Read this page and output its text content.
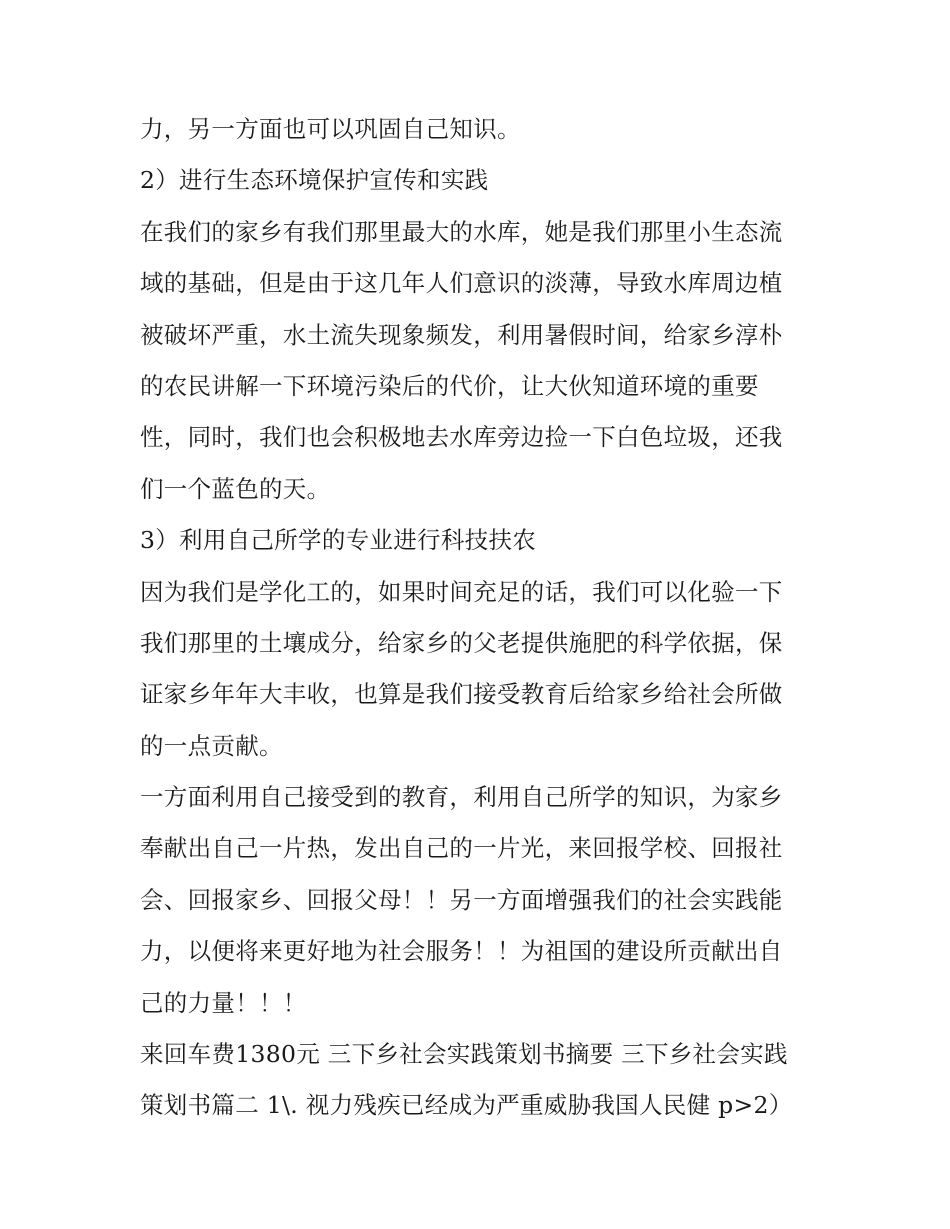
力，另一方面也可以巩固自己知识。
2）进行生态环境保护宣传和实践
在我们的家乡有我们那里最大的水库，她是我们那里小生态流
域的基础，但是由于这几年人们意识的淡薄，导致水库周边植
被破坏严重，水土流失现象频发，利用暑假时间，给家乡淳朴
的农民讲解一下环境污染后的代价，让大伙知道环境的重要
性，同时，我们也会积极地去水库旁边捡一下白色垃圾，还我
们一个蓝色的天。
3）利用自己所学的专业进行科技扶农
因为我们是学化工的，如果时间充足的话，我们可以化验一下
我们那里的土壤成分，给家乡的父老提供施肥的科学依据，保
证家乡年年大丰收，也算是我们接受教育后给家乡给社会所做
的一点贡献。
一方面利用自己接受到的教育，利用自己所学的知识，为家乡
奉献出自己一片热，发出自己的一片光，来回报学校、回报社
会、回报家乡、回报父母！！另一方面增强我们的社会实践能
力，以便将来更好地为社会服务！！为祖国的建设所贡献出自
己的力量！！！
来回车费1380元 三下乡社会实践策划书摘要 三下乡社会实践
策划书篇二 1\. 视力残疾已经成为严重威胁我国人民健 p>2）
